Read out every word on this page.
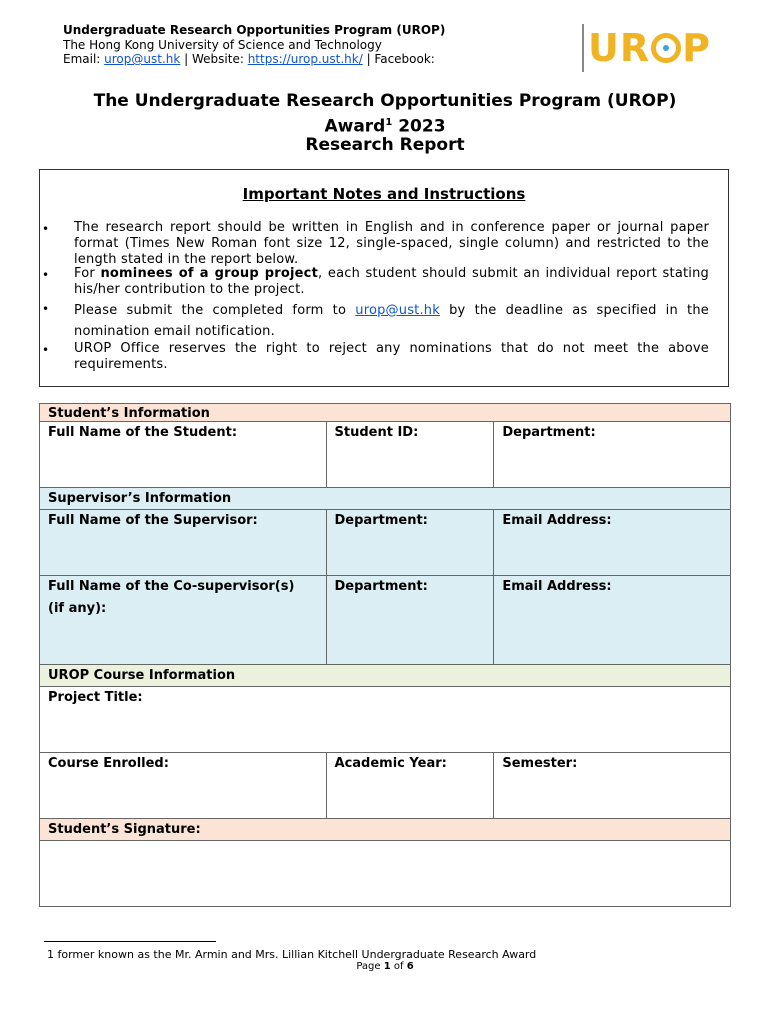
Undergraduate Research Opportunities Program (UROP)
The Hong Kong University of Science and Technology
Email: urop@ust.hk | Website: https://urop.ust.hk/ | Facebook:	UR P
The Undergraduate Research Opportunities Program (UROP)
Award$^1$ 2023
Research Report
Important Notes and Instructions
• The research report should be written in English and in conference paper or journal paper format (Times New Roman font size 12, single-spaced, single column) and restricted to the length stated in the report below.
• For nominees of a group project, each student should submit an individual report stating his/her contribution to the project.
• Please submit the completed form to urop@ust.hk by the deadline as specified in the nomination email notification.
• UROP Office reserves the right to reject any nominations that do not meet the above requirements.
Student’s Information		
Full Name of the Student:	Student ID:	Department:
Supervisor’s Information		
Full Name of the Supervisor:	Department:	Email Address:

Full Name of the Co-supervisor(s)
(if any):	Department:	Email Address:
UROP Course Information		
Project Title:		
Course Enrolled:	Academic Year:	Semester:
Student’s Signature:		

1 former known as the Mr. Armin and Mrs. Lillian Kitchell Undergraduate Research Award
Page 1 of 6
